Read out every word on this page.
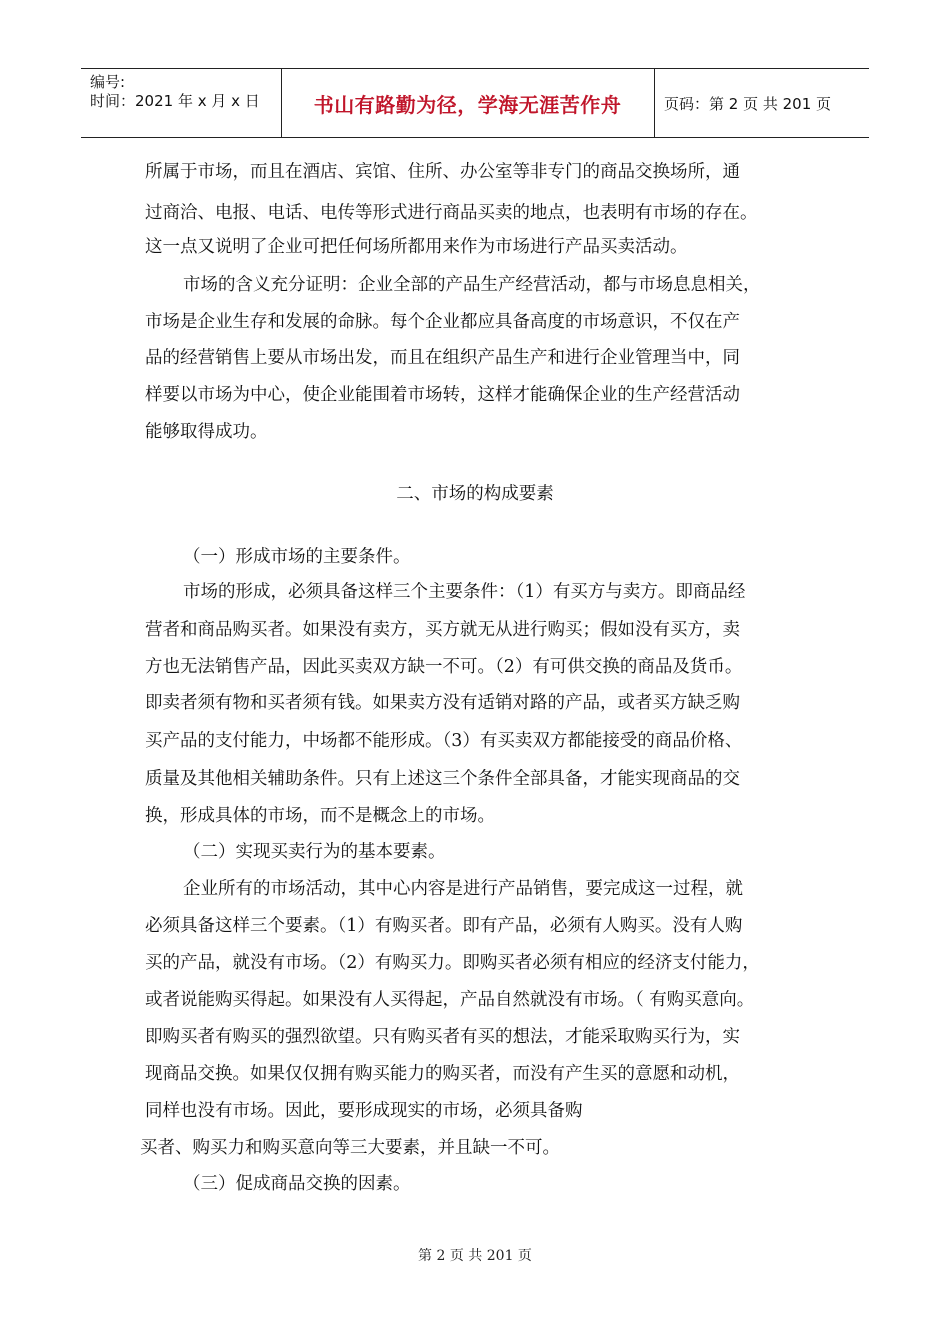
编号:
时间：2021 年 x 月 x 日	书山有路勤为径，学海无涯苦作舟	页码：第 2 页 共 201 页
所属于市场，而且在酒店、宾馆、住所、办公室等非专门的商品交换场所，通
过商洽、电报、电话、电传等形式进行商品买卖的地点，也表明有市场的存在。
这一点又说明了企业可把任何场所都用来作为市场进行产品买卖活动。
市场的含义充分证明：企业全部的产品生产经营活动，都与市场息息相关，
市场是企业生存和发展的命脉。每个企业都应具备高度的市场意识，不仅在产
品的经营销售上要从市场出发，而且在组织产品生产和进行企业管理当中，同
样要以市场为中心，使企业能围着市场转，这样才能确保企业的生产经营活动
能够取得成功。
二、市场的构成要素
（一）形成市场的主要条件。
市场的形成，必须具备这样三个主要条件：（1）有买方与卖方。即商品经
营者和商品购买者。如果没有卖方，买方就无从进行购买；假如没有买方，卖
方也无法销售产品，因此买卖双方缺一不可。（2）有可供交换的商品及货币。
即卖者须有物和买者须有钱。如果卖方没有适销对路的产品，或者买方缺乏购
买产品的支付能力，中场都不能形成。（3）有买卖双方都能接受的商品价格、
质量及其他相关辅助条件。只有上述这三个条件全部具备，才能实现商品的交
换，形成具体的市场，而不是概念上的市场。
（二）实现买卖行为的基本要素。
企业所有的市场活动，其中心内容是进行产品销售，要完成这一过程，就
必须具备这样三个要素。（1）有购买者。即有产品，必须有人购买。没有人购
买的产品，就没有市场。（2）有购买力。即购买者必须有相应的经济支付能力，
或者说能购买得起。如果没有人买得起，产品自然就没有市场。（ 有购买意向。
即购买者有购买的强烈欲望。只有购买者有买的想法，才能采取购买行为，实
现商品交换。如果仅仅拥有购买能力的购买者，而没有产生买的意愿和动机，
同样也没有市场。因此，要形成现实的市场，必须具备购
买者、购买力和购买意向等三大要素，并且缺一不可。
（三）促成商品交换的因素。
第 2 页 共 201 页
